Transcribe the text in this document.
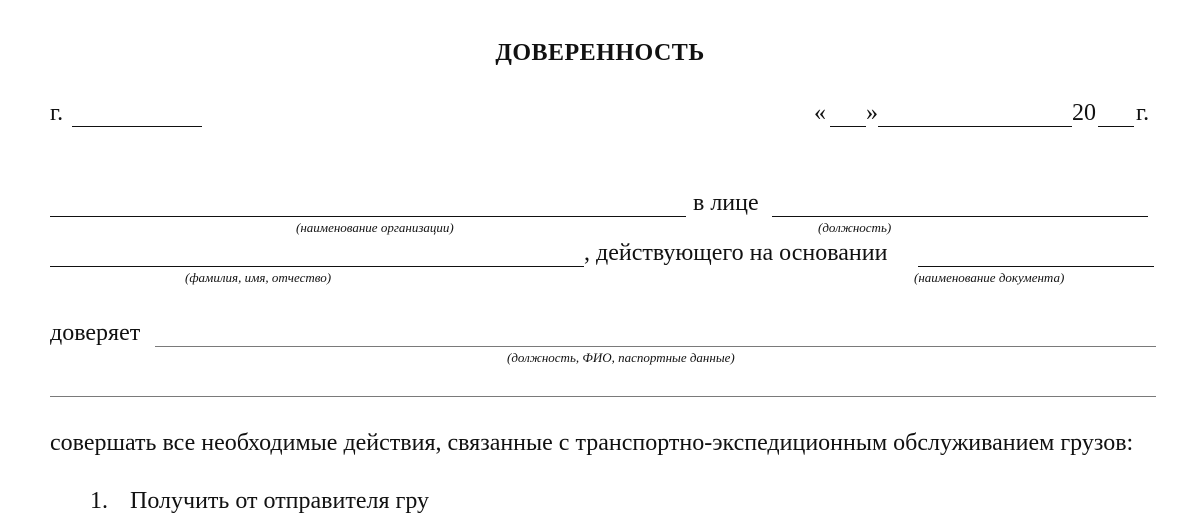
ДОВЕРЕННОСТЬ
г.	« »	20 г.
в лице
(наименование организации)	(должность)
, действующего на основании
(фамилия, имя, отчество)	(наименование документа)
доверяет
(должность, ФИО, паспортные данные)
совершать все необходимые действия, связанные с транспортно-экспедиционным обслуживанием грузов:
1. Получить от отправителя гру
